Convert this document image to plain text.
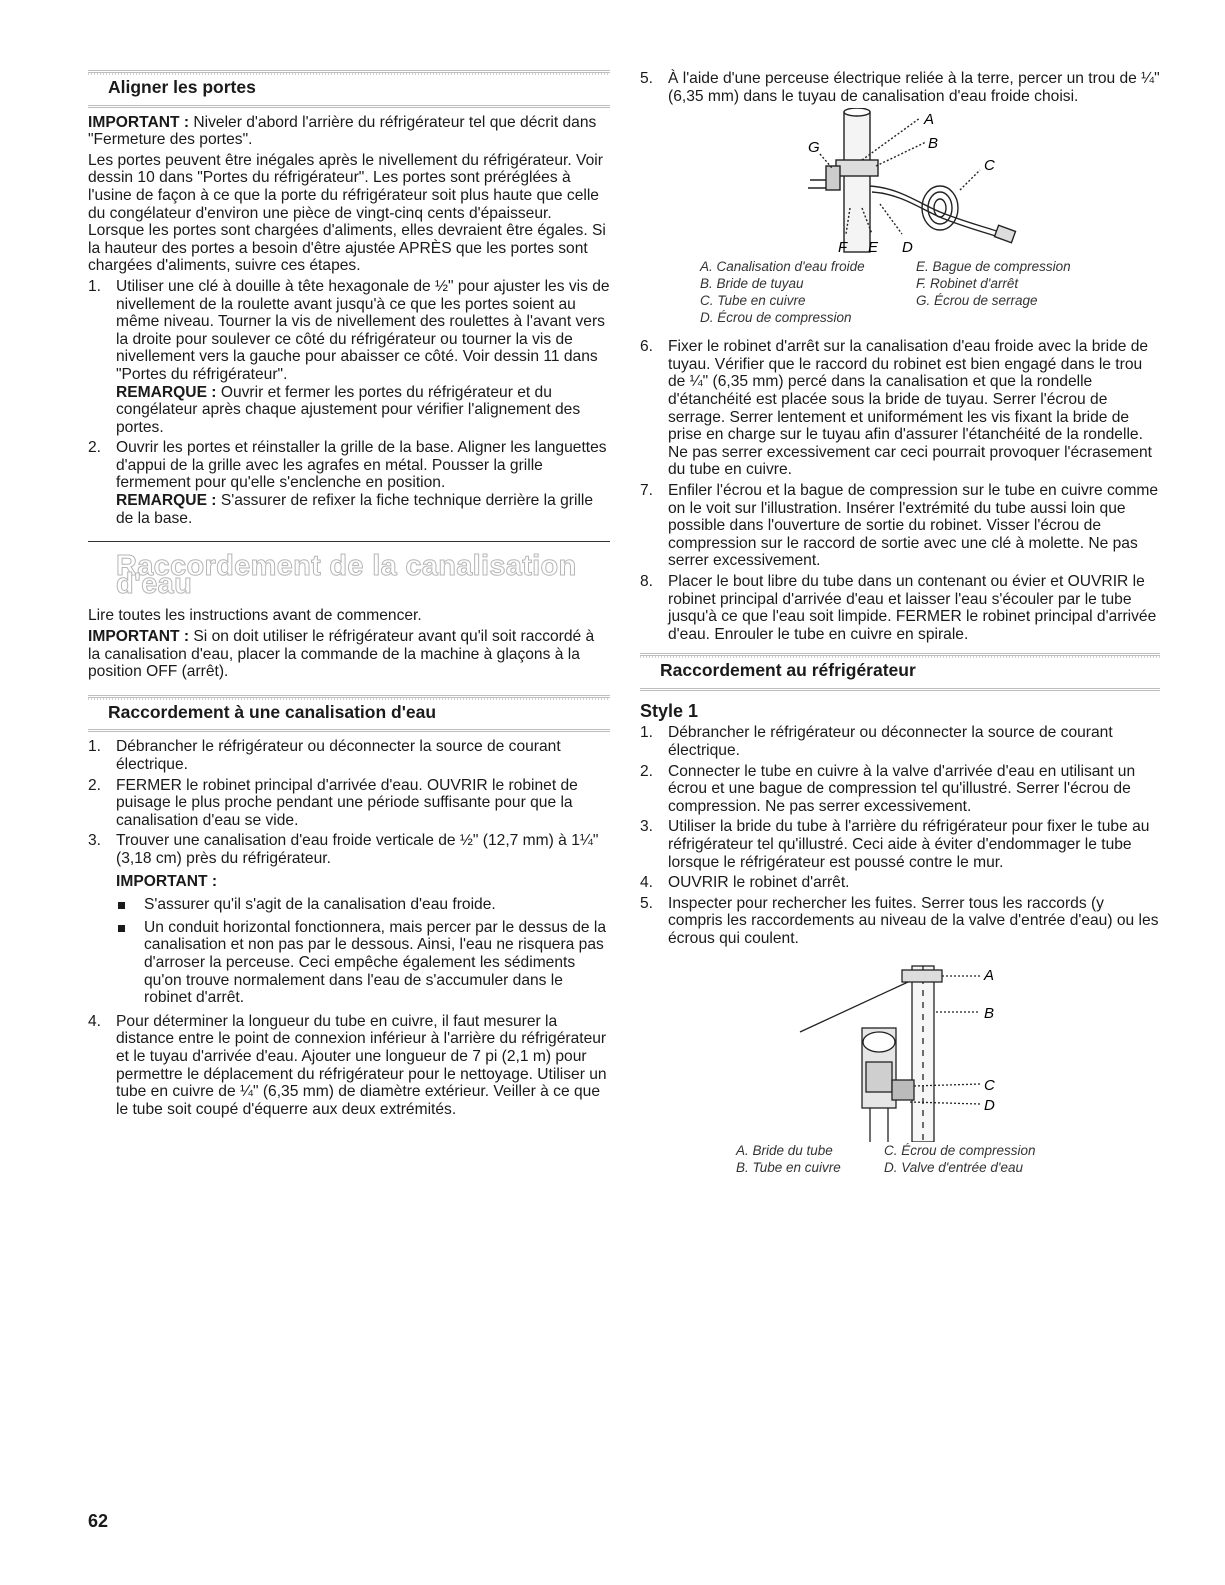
Aligner les portes

IMPORTANT : Niveler d'abord l'arrière du réfrigérateur tel que décrit dans "Fermeture des portes".

Les portes peuvent être inégales après le nivellement du réfrigérateur. Voir dessin 10 dans "Portes du réfrigérateur". Les portes sont préréglées à l'usine de façon à ce que la porte du réfrigérateur soit plus haute que celle du congélateur d'environ une pièce de vingt-cinq cents d'épaisseur. Lorsque les portes sont chargées d'aliments, elles devraient être égales. Si la hauteur des portes a besoin d'être ajustée APRÈS que les portes sont chargées d'aliments, suivre ces étapes.

1. Utiliser une clé à douille à tête hexagonale de ½" pour ajuster les vis de nivellement de la roulette avant jusqu'à ce que les portes soient au même niveau. Tourner la vis de nivellement des roulettes à l'avant vers la droite pour soulever ce côté du réfrigérateur ou tourner la vis de nivellement vers la gauche pour abaisser ce côté. Voir dessin 11 dans "Portes du réfrigérateur".
REMARQUE : Ouvrir et fermer les portes du réfrigérateur et du congélateur après chaque ajustement pour vérifier l'alignement des portes.
2. Ouvrir les portes et réinstaller la grille de la base. Aligner les languettes d'appui de la grille avec les agrafes en métal. Pousser la grille fermement pour qu'elle s'enclenche en position.
REMARQUE : S'assurer de refixer la fiche technique derrière la grille de la base.
Raccordement de la canalisation d'eau

Lire toutes les instructions avant de commencer.

IMPORTANT : Si on doit utiliser le réfrigérateur avant qu'il soit raccordé à la canalisation d'eau, placer la commande de la machine à glaçons à la position OFF (arrêt).

Raccordement à une canalisation d'eau
1. Débrancher le réfrigérateur ou déconnecter la source de courant électrique.
2. FERMER le robinet principal d'arrivée d'eau. OUVRIR le robinet de puisage le plus proche pendant une période suffisante pour que la canalisation d'eau se vide.
3. Trouver une canalisation d'eau froide verticale de ½" (12,7 mm) à 1¼" (3,18 cm) près du réfrigérateur.
IMPORTANT :
S'assurer qu'il s'agit de la canalisation d'eau froide.
Un conduit horizontal fonctionnera, mais percer par le dessus de la canalisation et non pas par le dessous. Ainsi, l'eau ne risquera pas d'arroser la perceuse. Ceci empêche également les sédiments qu'on trouve normalement dans l'eau de s'accumuler dans le robinet d'arrêt.
4. Pour déterminer la longueur du tube en cuivre, il faut mesurer la distance entre le point de connexion inférieur à l'arrière du réfrigérateur et le tuyau d'arrivée d'eau. Ajouter une longueur de 7 pi (2,1 m) pour permettre le déplacement du réfrigérateur pour le nettoyage. Utiliser un tube en cuivre de ¼" (6,35 mm) de diamètre extérieur. Veiller à ce que le tube soit coupé d'équerre aux deux extrémités.
5. À l'aide d'une perceuse électrique reliée à la terre, percer un trou de ¼" (6,35 mm) dans le tuyau de canalisation d'eau froide choisi.
A
B
C
G
F E D
A. Canalisation d'eau froide
B. Bride de tuyau
C. Tube en cuivre
D. Écrou de compression
E. Bague de compression
F. Robinet d'arrêt
G. Écrou de serrage
6. Fixer le robinet d'arrêt sur la canalisation d'eau froide avec la bride de tuyau. Vérifier que le raccord du robinet est bien engagé dans le trou de ¼" (6,35 mm) percé dans la canalisation et que la rondelle d'étanchéité est placée sous la bride de tuyau. Serrer l'écrou de serrage. Serrer lentement et uniformément les vis fixant la bride de prise en charge sur le tuyau afin d'assurer l'étanchéité de la rondelle. Ne pas serrer excessivement car ceci pourrait provoquer l'écrasement du tube en cuivre.
7. Enfiler l'écrou et la bague de compression sur le tube en cuivre comme on le voit sur l'illustration. Insérer l'extrémité du tube aussi loin que possible dans l'ouverture de sortie du robinet. Visser l'écrou de compression sur le raccord de sortie avec une clé à molette. Ne pas serrer excessivement.
8. Placer le bout libre du tube dans un contenant ou évier et OUVRIR le robinet principal d'arrivée d'eau et laisser l'eau s'écouler par le tube jusqu'à ce que l'eau soit limpide. FERMER le robinet principal d'arrivée d'eau. Enrouler le tube en cuivre en spirale.
Raccordement au réfrigérateur
Style 1
1. Débrancher le réfrigérateur ou déconnecter la source de courant électrique.
2. Connecter le tube en cuivre à la valve d'arrivée d'eau en utilisant un écrou et une bague de compression tel qu'illustré. Serrer l'écrou de compression. Ne pas serrer excessivement.
3. Utiliser la bride du tube à l'arrière du réfrigérateur pour fixer le tube au réfrigérateur tel qu'illustré. Ceci aide à éviter d'endommager le tube lorsque le réfrigérateur est poussé contre le mur.
4. OUVRIR le robinet d'arrêt.
5. Inspecter pour rechercher les fuites. Serrer tous les raccords (y compris les raccordements au niveau de la valve d'entrée d'eau) ou les écrous qui coulent.
A
B
C
D
A. Bride du tube
B. Tube en cuivre
C. Écrou de compression
D. Valve d'entrée d'eau
62
